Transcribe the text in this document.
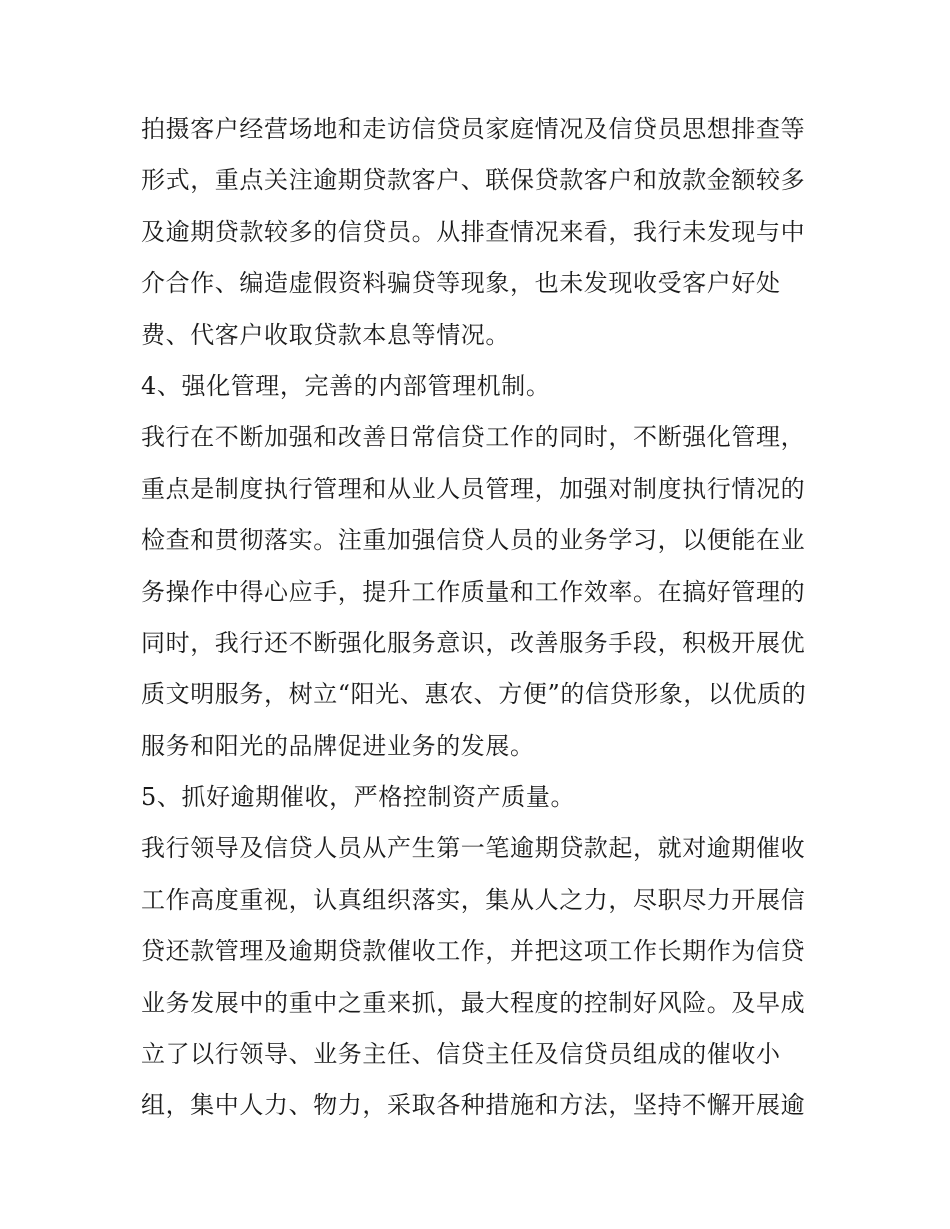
拍摄客户经营场地和走访信贷员家庭情况及信贷员思想排查等
形式，重点关注逾期贷款客户、联保贷款客户和放款金额较多
及逾期贷款较多的信贷员。从排查情况来看，我行未发现与中
介合作、编造虚假资料骗贷等现象，也未发现收受客户好处
费、代客户收取贷款本息等情况。
4、强化管理，完善的内部管理机制。
我行在不断加强和改善日常信贷工作的同时，不断强化管理，
重点是制度执行管理和从业人员管理，加强对制度执行情况的
检查和贯彻落实。注重加强信贷人员的业务学习，以便能在业
务操作中得心应手，提升工作质量和工作效率。在搞好管理的
同时，我行还不断强化服务意识，改善服务手段，积极开展优
质文明服务，树立“阳光、惠农、方便”的信贷形象，以优质的
服务和阳光的品牌促进业务的发展。
5、抓好逾期催收，严格控制资产质量。
我行领导及信贷人员从产生第一笔逾期贷款起，就对逾期催收
工作高度重视，认真组织落实，集从人之力，尽职尽力开展信
贷还款管理及逾期贷款催收工作，并把这项工作长期作为信贷
业务发展中的重中之重来抓，最大程度的控制好风险。及早成
立了以行领导、业务主任、信贷主任及信贷员组成的催收小
组，集中人力、物力，采取各种措施和方法，坚持不懈开展逾
